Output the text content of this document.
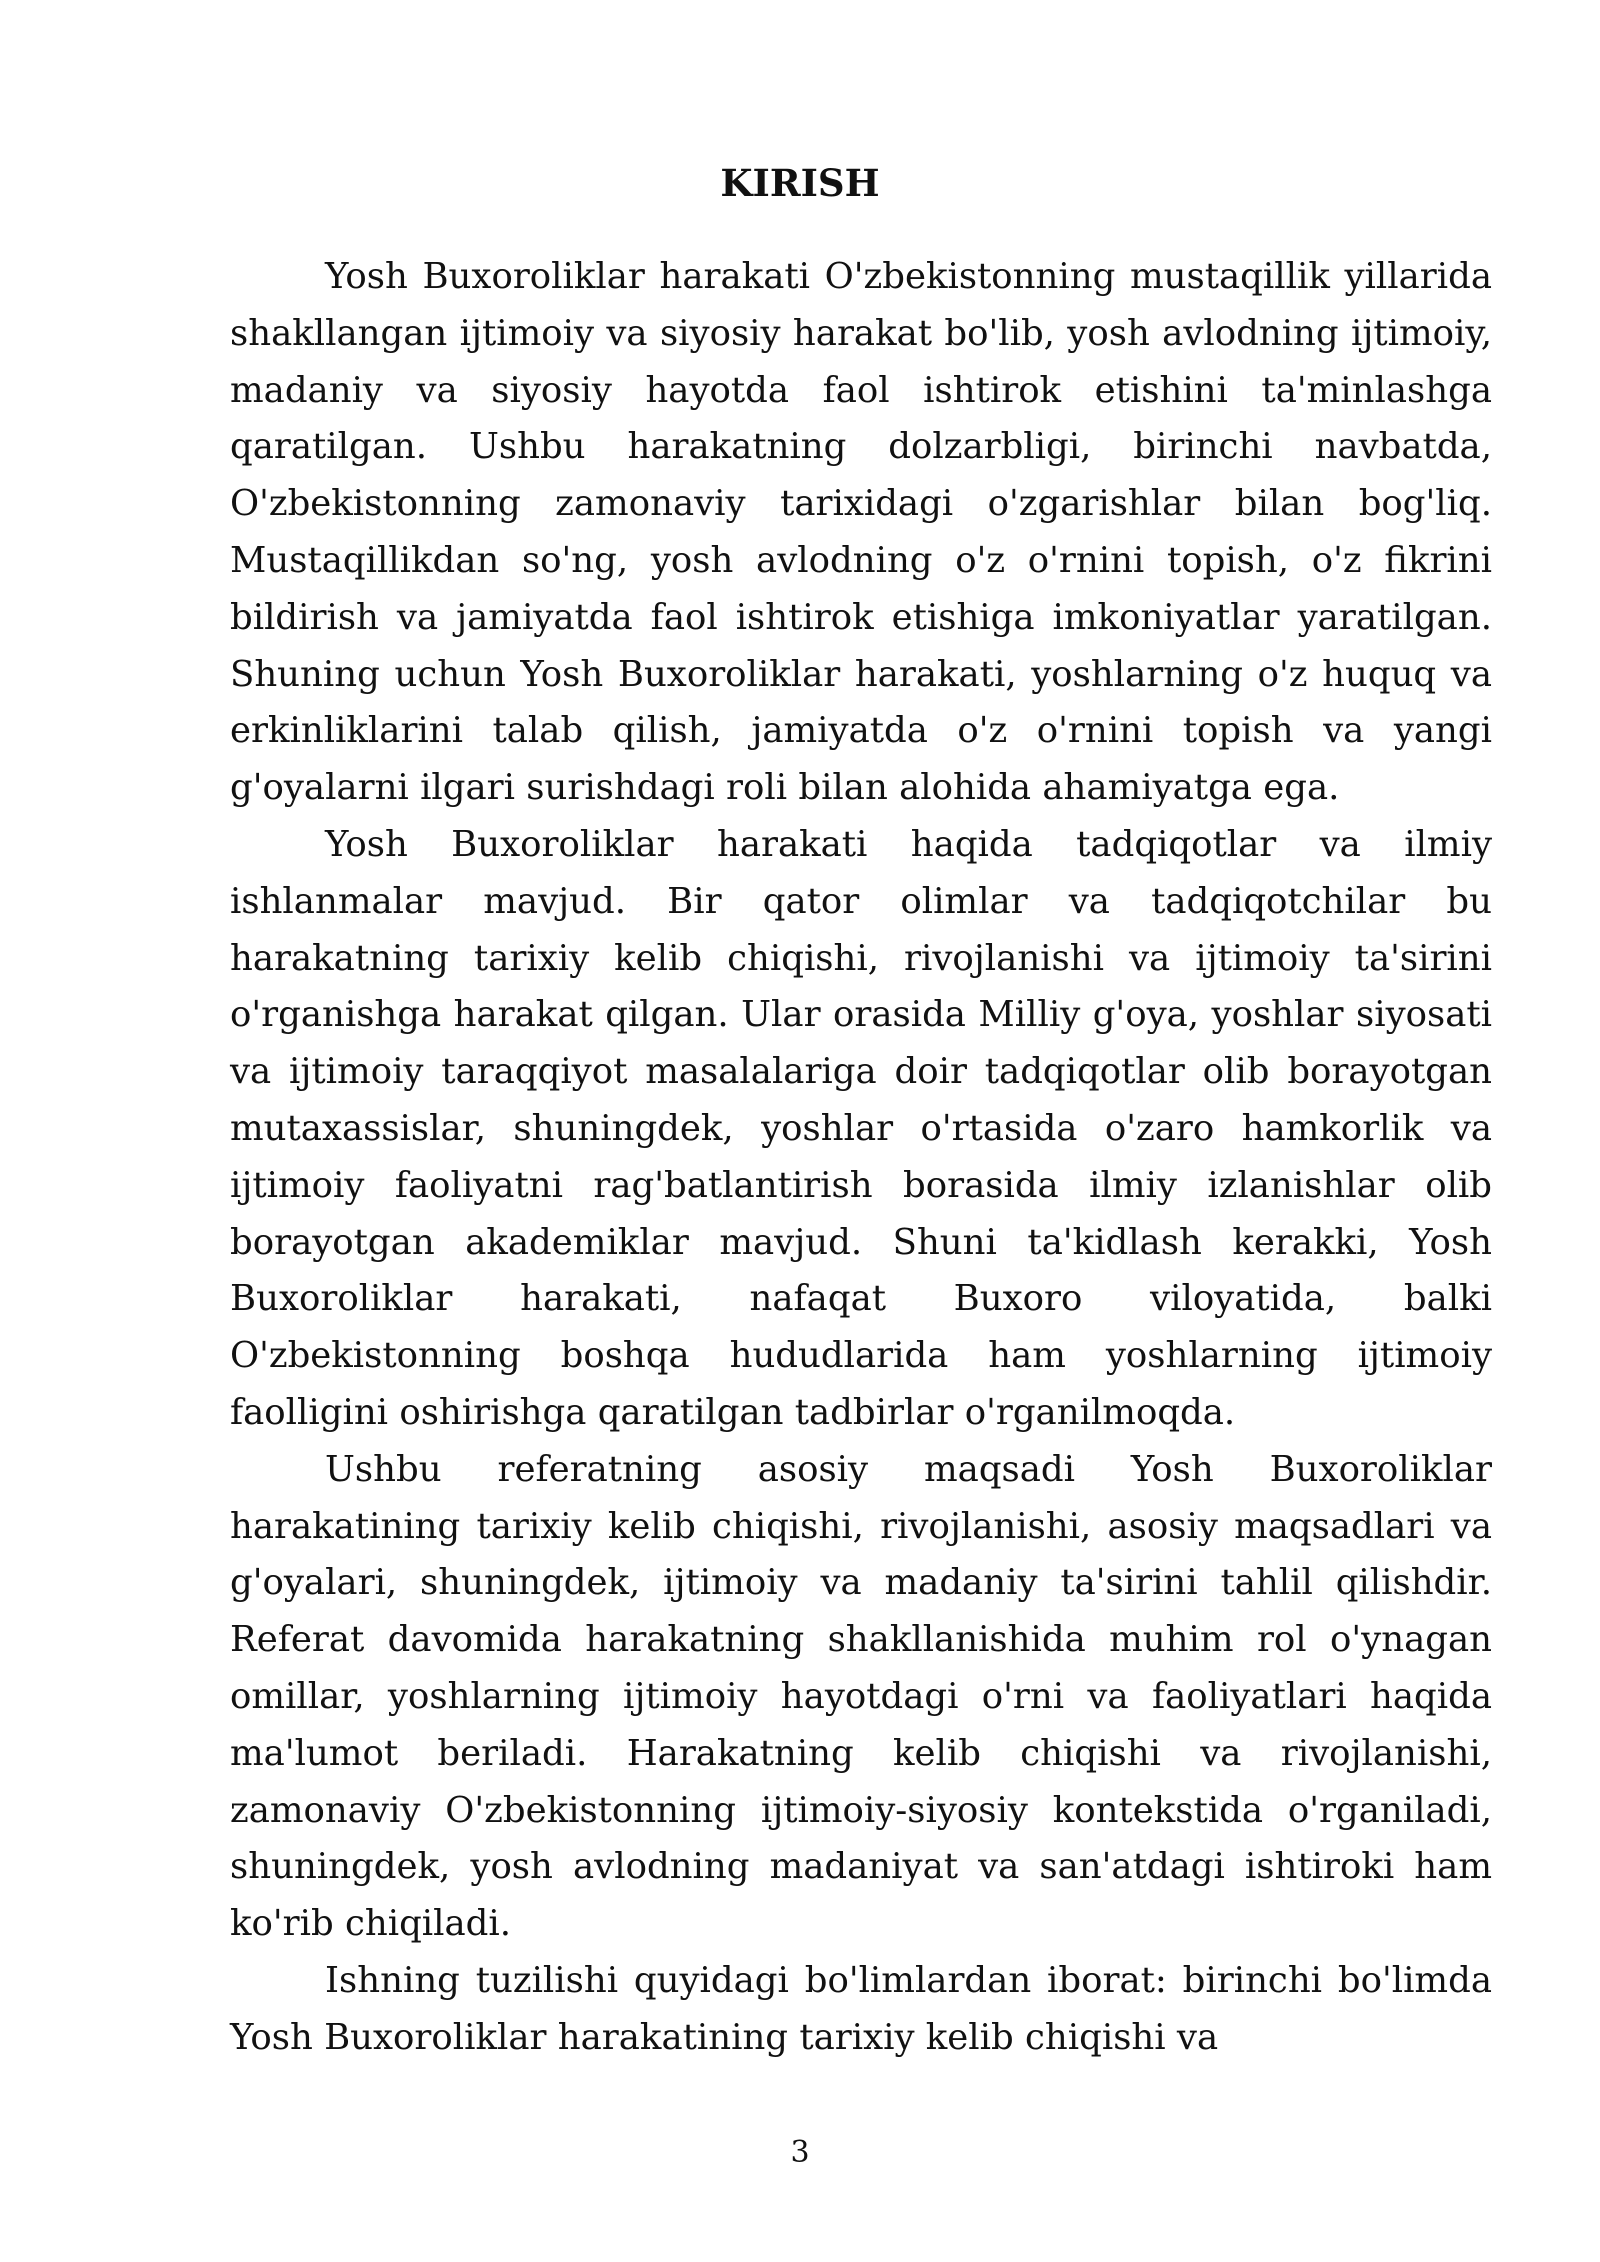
KIRISH

Yosh Buxoroliklar harakati O'zbekistonning mustaqillik yillarida shakllangan ijtimoiy va siyosiy harakat bo'lib, yosh avlodning ijtimoiy, madaniy va siyosiy hayotda faol ishtirok etishini ta'minlashga qaratilgan. Ushbu harakatning dolzarbligi, birinchi navbatda, O'zbekistonning zamonaviy tarixidagi o'zgarishlar bilan bog'liq. Mustaqillikdan so'ng, yosh avlodning o'z o'rnini topish, o'z fikrini bildirish va jamiyatda faol ishtirok etishiga imkoniyatlar yaratilgan. Shuning uchun Yosh Buxoroliklar harakati, yoshlarning o'z huquq va erkinliklarini talab qilish, jamiyatda o'z o'rnini topish va yangi g'oyalarni ilgari surishdagi roli bilan alohida ahamiyatga ega.

Yosh Buxoroliklar harakati haqida tadqiqotlar va ilmiy ishlanmalar mavjud. Bir qator olimlar va tadqiqotchilar bu harakatning tarixiy kelib chiqishi, rivojlanishi va ijtimoiy ta'sirini o'rganishga harakat qilgan. Ular orasida Milliy g'oya, yoshlar siyosati va ijtimoiy taraqqiyot masalalariga doir tadqiqotlar olib borayotgan mutaxassislar, shuningdek, yoshlar o'rtasida o'zaro hamkorlik va ijtimoiy faoliyatni rag'batlantirish borasida ilmiy izlanishlar olib borayotgan akademiklar mavjud. Shuni ta'kidlash kerakki, Yosh Buxoroliklar harakati, nafaqat Buxoro viloyatida, balki O'zbekistonning boshqa hududlarida ham yoshlarning ijtimoiy faolligini oshirishga qaratilgan tadbirlar o'rganilmoqda.

Ushbu referatning asosiy maqsadi Yosh Buxoroliklar harakatining tarixiy kelib chiqishi, rivojlanishi, asosiy maqsadlari va g'oyalari, shuningdek, ijtimoiy va madaniy ta'sirini tahlil qilishdir. Referat davomida harakatning shakllanishida muhim rol o'ynagan omillar, yoshlarning ijtimoiy hayotdagi o'rni va faoliyatlari haqida ma'lumot beriladi. Harakatning kelib chiqishi va rivojlanishi, zamonaviy O'zbekistonning ijtimoiy-siyosiy kontekstida o'rganiladi, shuningdek, yosh avlodning madaniyat va san'atdagi ishtiroki ham ko'rib chiqiladi.

Ishning tuzilishi quyidagi bo'limlardan iborat: birinchi bo'limda Yosh Buxoroliklar harakatining tarixiy kelib chiqishi va

3
